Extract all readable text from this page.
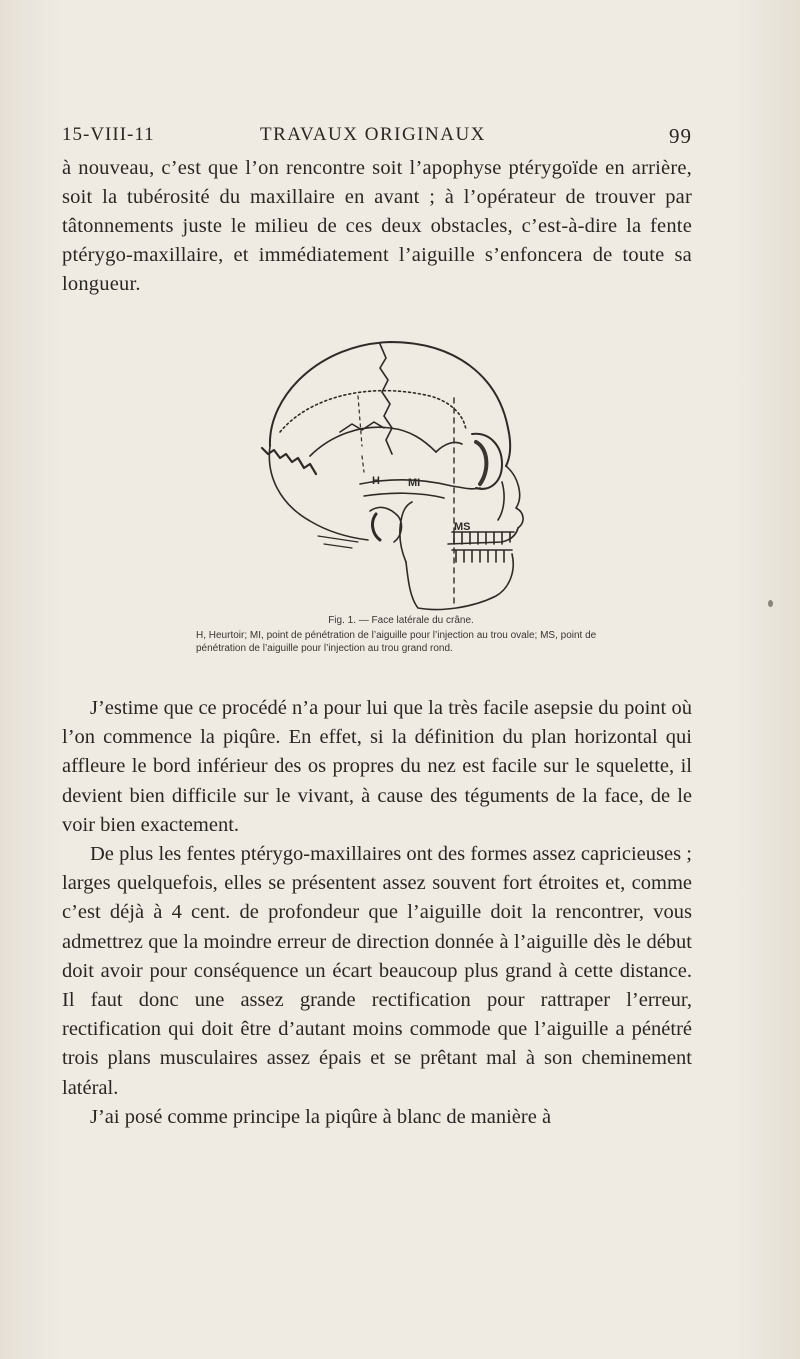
15-VIII-11	TRAVAUX ORIGINAUX	99

à nouveau, c’est que l’on rencontre soit l’apophyse ptérygoïde en arrière, soit la tubérosité du maxillaire en avant ; à l’opérateur de trouver par tâtonnements juste le milieu de ces deux obstacles, c’est-à-dire la fente ptérygo-maxillaire, et immédiatement l’aiguille s’enfoncera de toute sa longueur.

H	MI
MS

Fig. 1. — Face latérale du crâne.

H, Heurtoir; MI, point de pénétration de l’aiguille pour l’injection au trou ovale; MS, point de pénétration de l’aiguille pour l’injection au trou grand rond.

J’estime que ce procédé n’a pour lui que la très facile asepsie du point où l’on commence la piqûre. En effet, si la définition du plan horizontal qui affleure le bord inférieur des os propres du nez est facile sur le squelette, il devient bien difficile sur le vivant, à cause des téguments de la face, de le voir bien exactement.

De plus les fentes ptérygo-maxillaires ont des formes assez capricieuses ; larges quelquefois, elles se présentent assez souvent fort étroites et, comme c’est déjà à 4 cent. de profondeur que l’aiguille doit la rencontrer, vous admettrez que la moindre erreur de direction donnée à l’aiguille dès le début doit avoir pour conséquence un écart beaucoup plus grand à cette distance. Il faut donc une assez grande rectification pour rattraper l’erreur, rectification qui doit être d’autant moins commode que l’aiguille a pénétré trois plans musculaires assez épais et se prêtant mal à son cheminement latéral.

J’ai posé comme principe la piqûre à blanc de manière à
